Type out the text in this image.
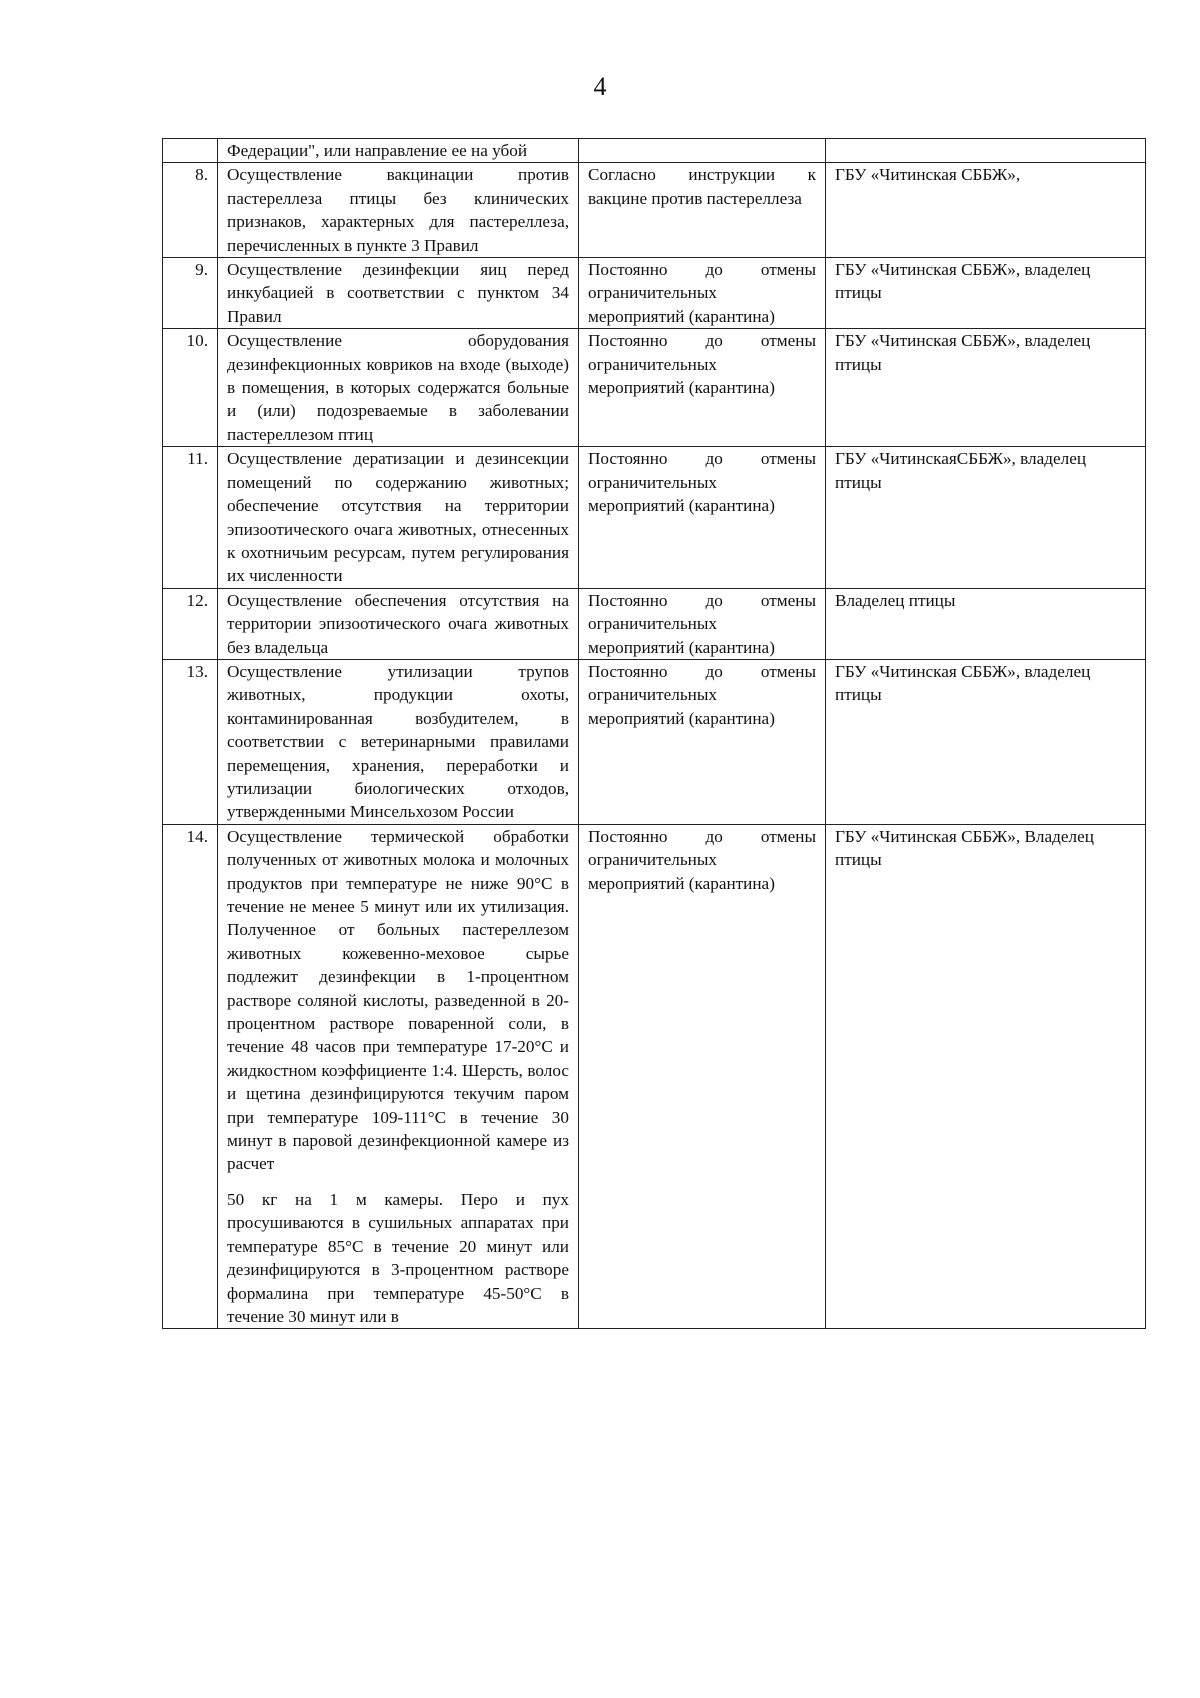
4

	Федерации", или направление ее на убой		

8.	Осуществление вакцинации против пастереллеза птицы без клинических признаков, характерных для пастереллеза, перечисленных в пункте 3 Правил	Согласно инструкции к вакцине против пастереллеза	ГБУ «Читинская СББЖ»,
9.	Осуществление дезинфекции яиц перед инкубацией в соответствии с пунктом 34 Правил	Постоянно до отмены ограничительных мероприятий (карантина)	ГБУ «Читинская СББЖ», владелец птицы
10.	Осуществление оборудования дезинфекционных ковриков на входе (выходе) в помещения, в которых содержатся больные и (или) подозреваемые в заболевании пастереллезом птиц	Постоянно до отмены ограничительных мероприятий (карантина)	ГБУ «Читинская СББЖ», владелец птицы
11.	Осуществление дератизации и дезинсекции помещений по содержанию животных; обеспечение отсутствия на территории эпизоотического очага животных, отнесенных к охотничьим ресурсам, путем регулирования их численности	Постоянно до отмены ограничительных мероприятий (карантина)	ГБУ «ЧитинскаяСББЖ», владелец птицы
12.	Осуществление обеспечения отсутствия на территории эпизоотического очага животных без владельца	Постоянно до отмены ограничительных мероприятий (карантина)	Владелец птицы
13.	Осуществление утилизации трупов животных, продукции охоты, контаминированная возбудителем, в соответствии с ветеринарными правилами перемещения, хранения, переработки и утилизации биологических отходов, утвержденными Минсельхозом России	Постоянно до отмены ограничительных мероприятий (карантина)	ГБУ «Читинская СББЖ», владелец птицы
14.	Осуществление термической обработки полученных от животных молока и молочных продуктов при температуре не ниже 90°С в течение не менее 5 минут или их утилизация. Полученное от больных пастереллезом животных кожевенно-меховое сырье подлежит дезинфекции в 1-процентном растворе соляной кислоты, разведенной в 20-процентном растворе поваренной соли, в течение 48 часов при температуре 17-20°С и жидкостном коэффициенте 1:4. Шерсть, волос и щетина дезинфицируются текучим паром при температуре 109-111°С в течение 30 минут в паровой дезинфекционной камере из расчет
50 кг на 1 м камеры. Перо и пух просушиваются в сушильных аппаратах при температуре 85°С в течение 20 минут или дезинфицируются в 3-процентном растворе формалина при температуре 45-50°С в течение 30 минут или в	Постоянно до отмены ограничительных мероприятий (карантина)	ГБУ «Читинская СББЖ», Владелец птицы
